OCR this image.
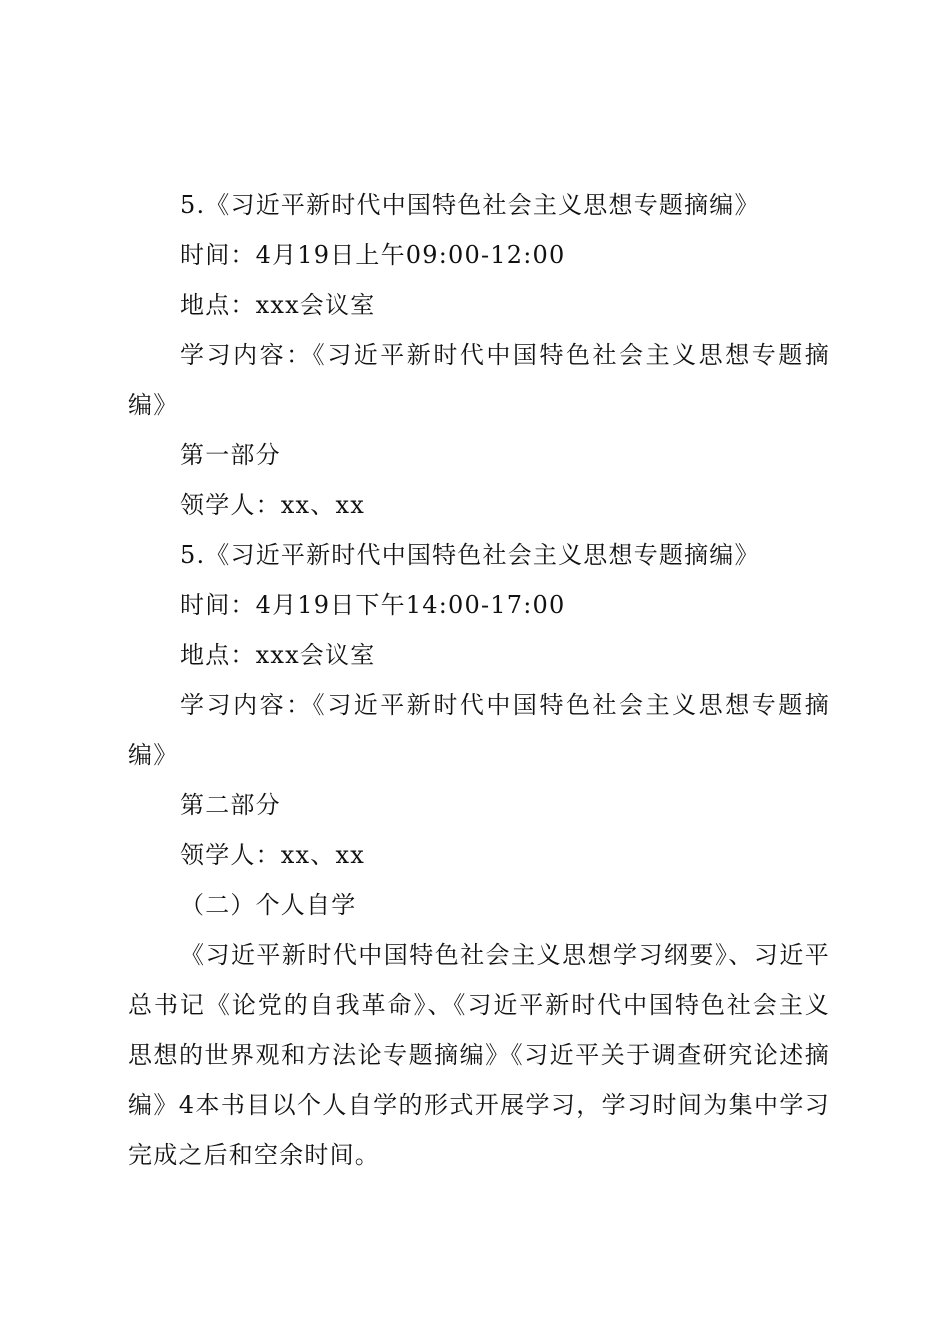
5.《习近平新时代中国特色社会主义思想专题摘编》

时间：4月19日上午09:00-12:00

地点：xxx会议室

学习内容：《习近平新时代中国特色社会主义思想专题摘编》

第一部分

领学人：xx、xx

5.《习近平新时代中国特色社会主义思想专题摘编》

时间：4月19日下午14:00-17:00

地点：xxx会议室

学习内容：《习近平新时代中国特色社会主义思想专题摘编》

第二部分

领学人：xx、xx

（二）个人自学

《习近平新时代中国特色社会主义思想学习纲要》、习近平总书记《论党的自我革命》、《习近平新时代中国特色社会主义思想的世界观和方法论专题摘编》《习近平关于调查研究论述摘编》4本书目以个人自学的形式开展学习，学习时间为集中学习完成之后和空余时间。
